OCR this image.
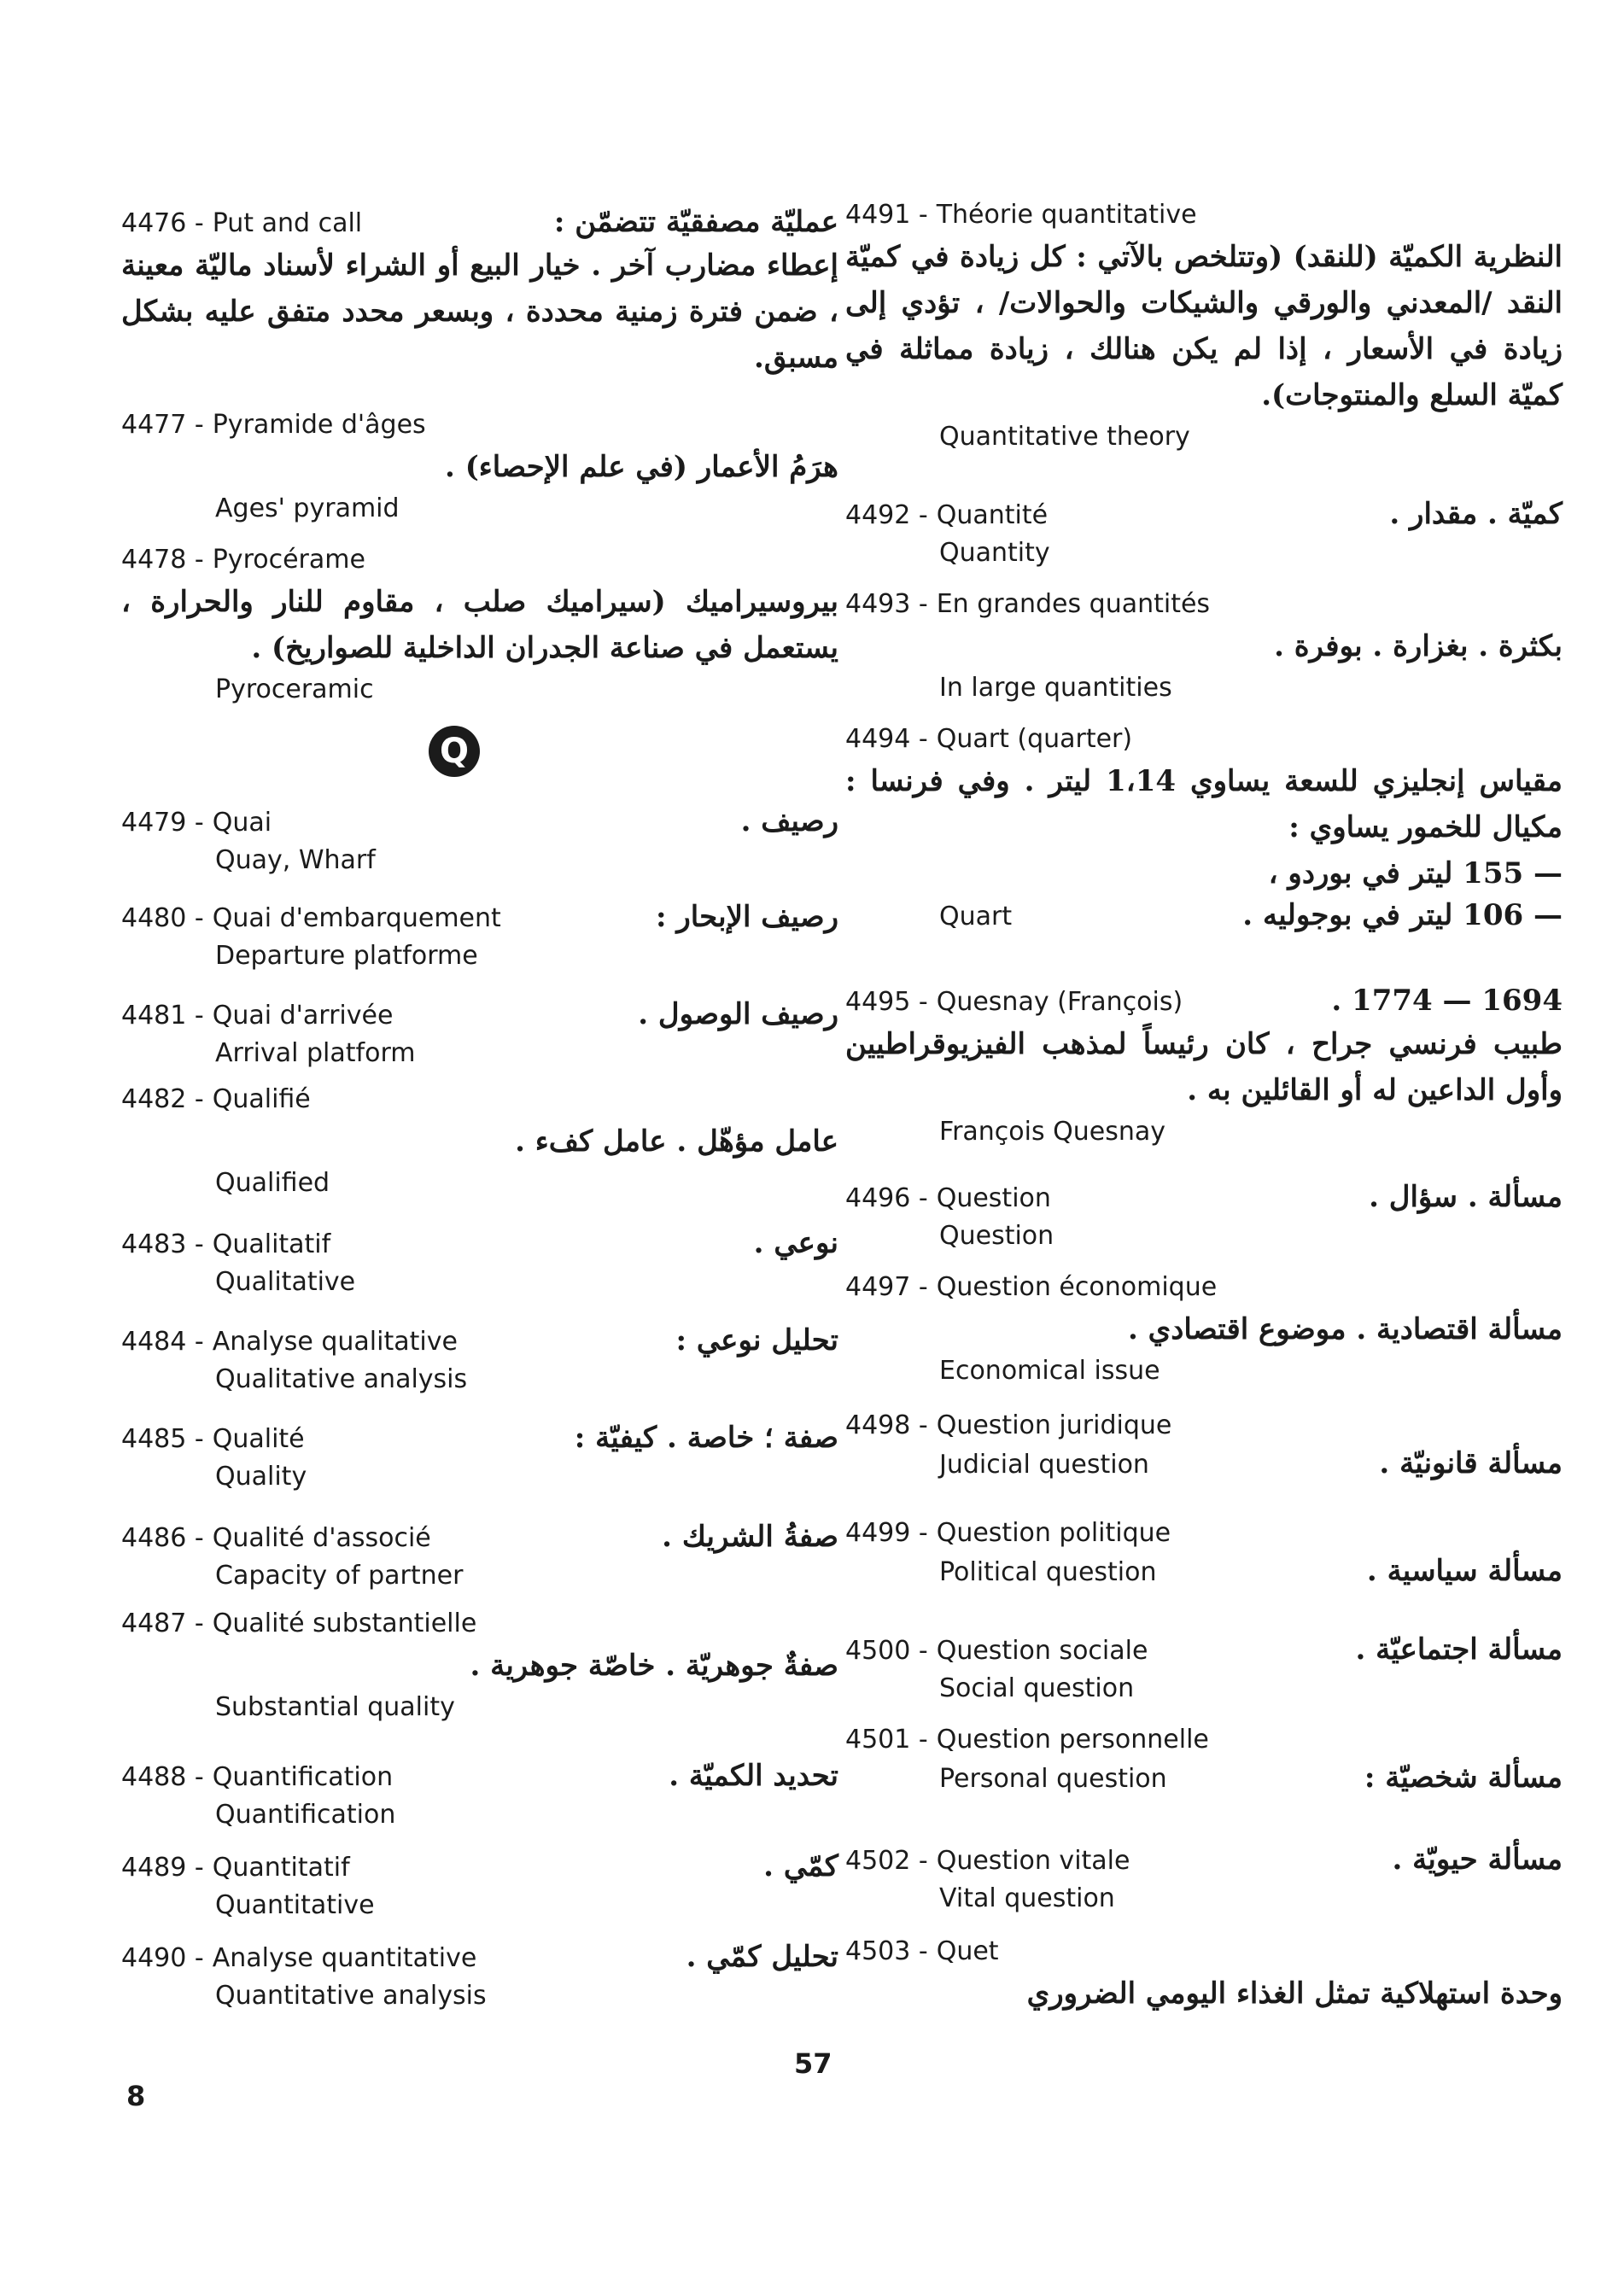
4476 - Put and call	عمليّة مصفقيّة تتضمّن :
إعطاء مضارب آخر . خيار البيع أو الشراء لأسناد ماليّة معينة ، ضمن فترة زمنية محددة ، وبسعر محدد متفق عليه بشكل مسبق.
4477 - Pyramide d'âges
هرَمُ الأعمار (في علم الإحصاء) .
Ages' pyramid
4478 - Pyrocérame
بيروسيراميك (سيراميك صلب ، مقاوم للنار والحرارة ، يستعمل في صناعة الجدران الداخلية للصواريخ) .
Pyroceramic
Q
4479 - Quai	رصيف .
Quay, Wharf
4480 - Quai d'embarquement	رصيف الإبحار :
Departure platforme
4481 - Quai d'arrivée	رصيف الوصول .
Arrival platform
4482 - Qualifié
عامل مؤهّل . عامل كفء .
Qualified
4483 - Qualitatif	نوعي .
Qualitative
4484 - Analyse qualitative	تحليل نوعي :
Qualitative analysis
4485 - Qualité	صفة ؛ خاصة . كيفيّة :
Quality
4486 - Qualité d'associé	صفةُ الشريك .
Capacity of partner
4487 - Qualité substantielle
صفةٌ جوهريّة . خاصّة جوهرية .
Substantial quality
4488 - Quantification	تحديد الكميّة .
Quantification
4489 - Quantitatif	كمّي .
Quantitative
4490 - Analyse quantitative	تحليل كمّي .
Quantitative analysis
4491 - Théorie quantitative
النظرية الكميّة (للنقد) (وتتلخص بالآتي : كل زيادة في كميّة النقد /المعدني والورقي والشيكات والحوالات/ ، تؤدي إلى زيادة في الأسعار ، إذا لم يكن هنالك ، زيادة مماثلة في كميّة السلع والمنتوجات).
Quantitative theory
4492 - Quantité	كميّة . مقدار .
Quantity
4493 - En grandes quantités
بكثرة . بغزارة . بوفرة .
In large quantities
4494 - Quart (quarter)
مقياس إنجليزي للسعة يساوي 1،14 ليتر . وفي فرنسا : مكيال للخمور يساوي :
— 155 ليتر في بوردو ،
Quart	— 106 ليتر في بوجوليه .
4495 - Quesnay (François)	1694 — 1774 .
طبيب فرنسي جراح ، كان رئيساً لمذهب الفيزيوقراطيين وأول الداعين له أو القائلين به .
François Quesnay
4496 - Question	مسألة . سؤال .
Question
4497 - Question économique
مسألة اقتصادية . موضوع اقتصادي .
Economical issue
4498 - Question juridique
Judicial question	مسألة قانونيّة .
4499 - Question politique
Political question	مسألة سياسية .
4500 - Question sociale	مسألة اجتماعيّة .
Social question
4501 - Question personnelle
Personal question	مسألة شخصيّة :
4502 - Question vitale	مسألة حيويّة .
Vital question
4503 - Quet
وحدة استهلاكية تمثل الغذاء اليومي الضروري
57
8
